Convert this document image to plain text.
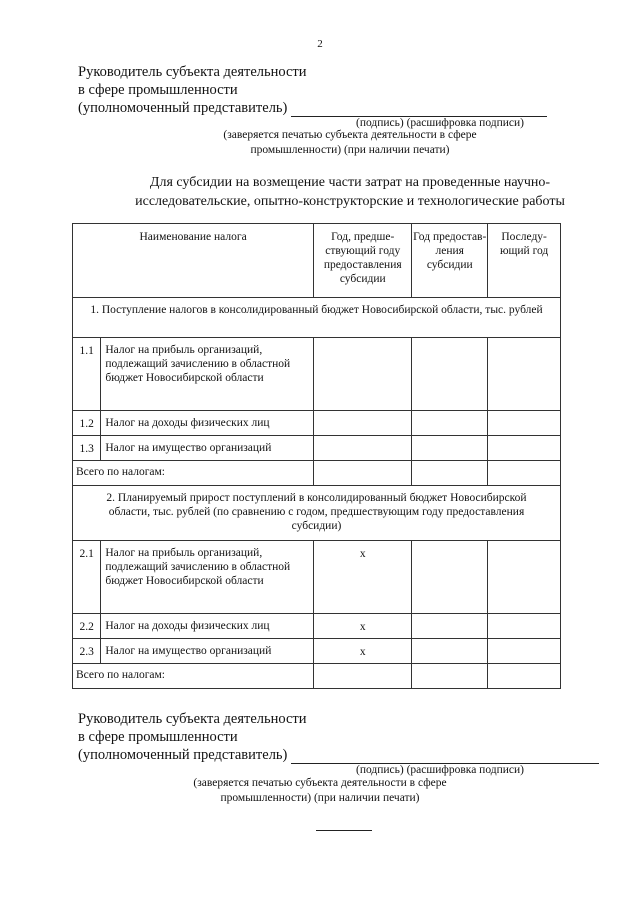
2
Руководитель субъекта деятельности
в сфере промышленности
(уполномоченный представитель)
(подпись) (расшифровка подписи)
(заверяется печатью субъекта деятельности в сфере
промышленности) (при наличии печати)
Для субсидии на возмещение части затрат на проведенные научно-
исследовательские, опытно-конструкторские и технологические работы
Наименование налога		Год, предше-ствующий году предоставления субсидии	Год предостав-ления субсидии	Последу-ющий год
1. Поступление налогов в консолидированный бюджет Новосибирской области, тыс. рублей				
1.1	Налог на прибыль организаций, подлежащий зачислению в областной бюджет Новосибирской области			
1.2	Налог на доходы физических лиц			
1.3	Налог на имущество организаций			
Всего по налогам:				
2. Планируемый прирост поступлений в консолидированный бюджет Новосибирской области, тыс. рублей (по сравнению с годом, предшествующим году предоставления субсидии)				
2.1	Налог на прибыль организаций, подлежащий зачислению в областной бюджет Новосибирской области	х		
2.2	Налог на доходы физических лиц	х		
2.3	Налог на имущество организаций	х		
Всего по налогам:				
Руководитель субъекта деятельности
в сфере промышленности
(уполномоченный представитель)
(подпись) (расшифровка подписи)
(заверяется печатью субъекта деятельности в сфере
промышленности) (при наличии печати)
